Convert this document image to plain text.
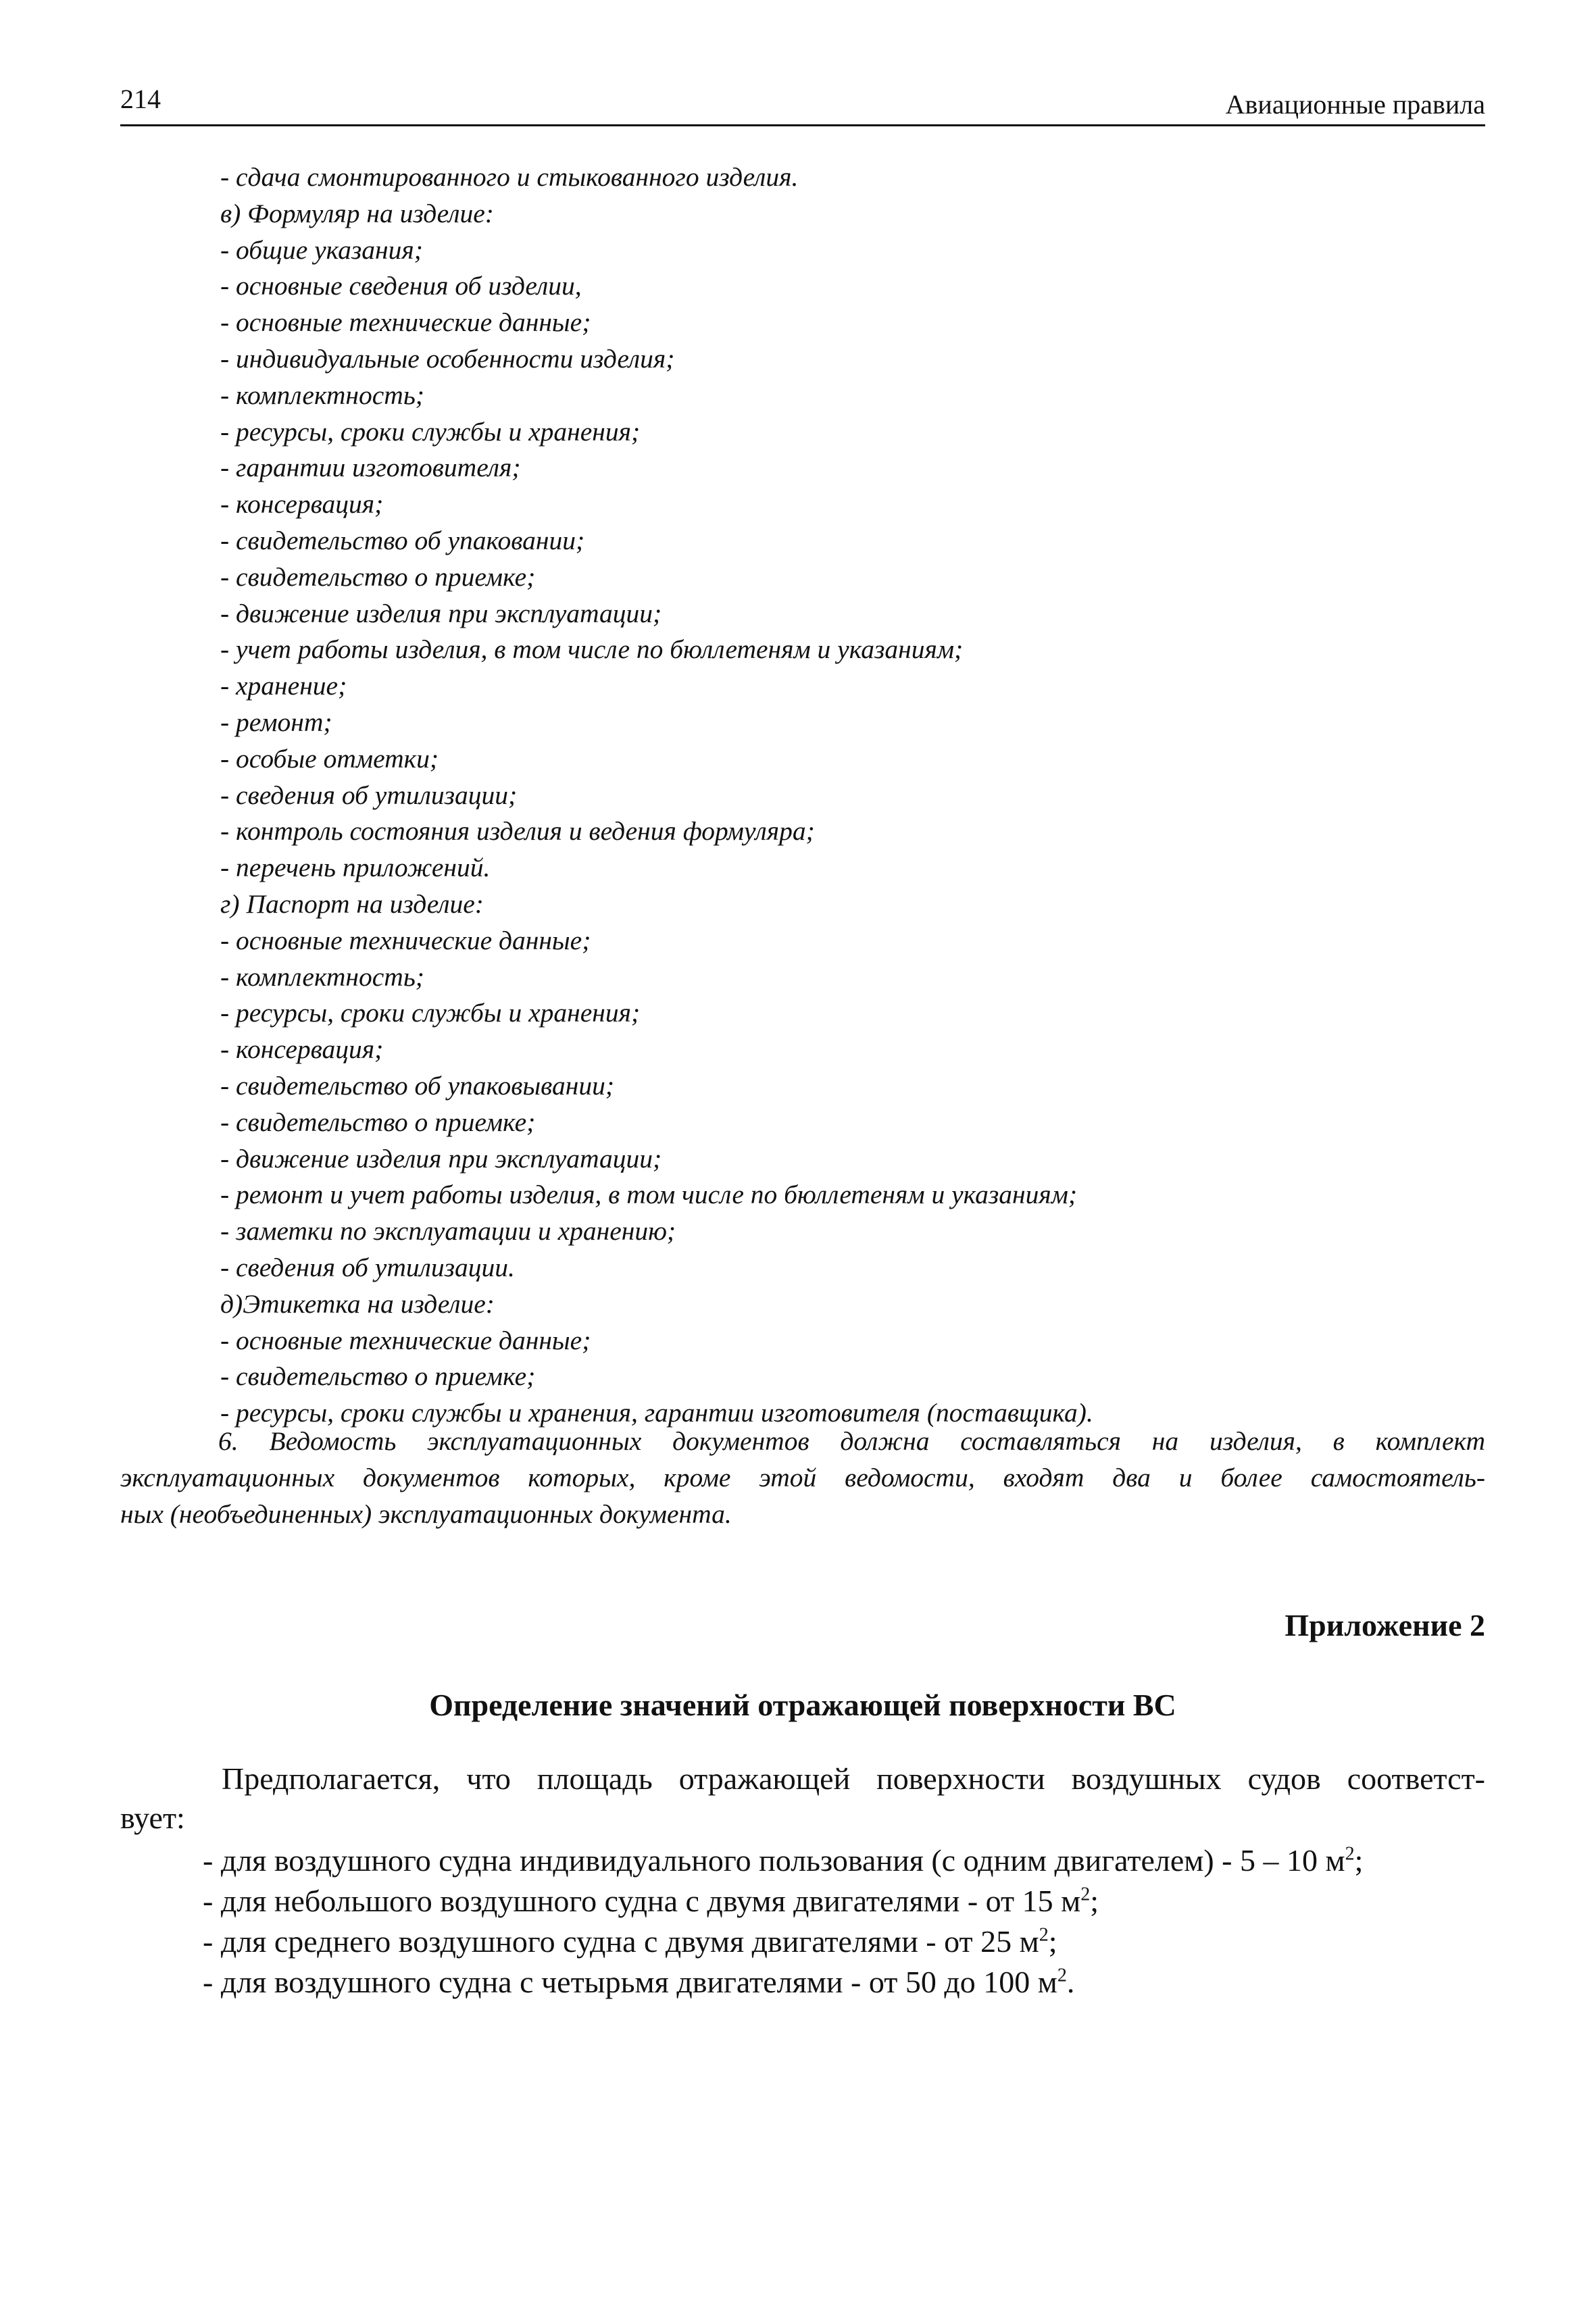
214	Авиационные правила
- сдача смонтированного и стыкованного изделия.
в) Формуляр на изделие:
- общие указания;
- основные сведения об изделии,
- основные технические данные;
- индивидуальные особенности изделия;
- комплектность;
- ресурсы, сроки службы и хранения;
- гарантии изготовителя;
- консервация;
- свидетельство об упаковании;
- свидетельство о приемке;
- движение изделия при эксплуатации;
- учет работы изделия, в том числе по бюллетеням и указаниям;
- хранение;
- ремонт;
- особые отметки;
- сведения об утилизации;
- контроль состояния изделия и ведения формуляра;
- перечень приложений.
г) Паспорт на изделие:
- основные технические данные;
- комплектность;
- ресурсы, сроки службы и хранения;
- консервация;
- свидетельство об упаковывании;
- свидетельство о приемке;
- движение изделия при эксплуатации;
- ремонт и учет работы изделия, в том числе по бюллетеням и указаниям;
- заметки по эксплуатации и хранению;
- сведения об утилизации.
д)Этикетка на изделие:
- основные технические данные;
- свидетельство о приемке;
- ресурсы, сроки службы и хранения, гарантии изготовителя (поставщика).
6. Ведомость эксплуатационных документов должна составляться на изделия, в комплект
эксплуатационных документов которых, кроме этой ведомости, входят два и более самостоятель-
ных (необъединенных) эксплуатационных документа.
Приложение 2
Определение значений отражающей поверхности ВС
Предполагается, что площадь отражающей поверхности воздушных судов соответст-
вует:
- для воздушного судна индивидуального пользования (с одним двигателем) - 5 – 10 $м^2$;
- для небольшого воздушного судна с двумя двигателями - от 15 $м^2$;
- для среднего воздушного судна с двумя двигателями - от 25 $м^2$;
- для воздушного судна с четырьмя двигателями - от 50 до 100 $м^2$.
